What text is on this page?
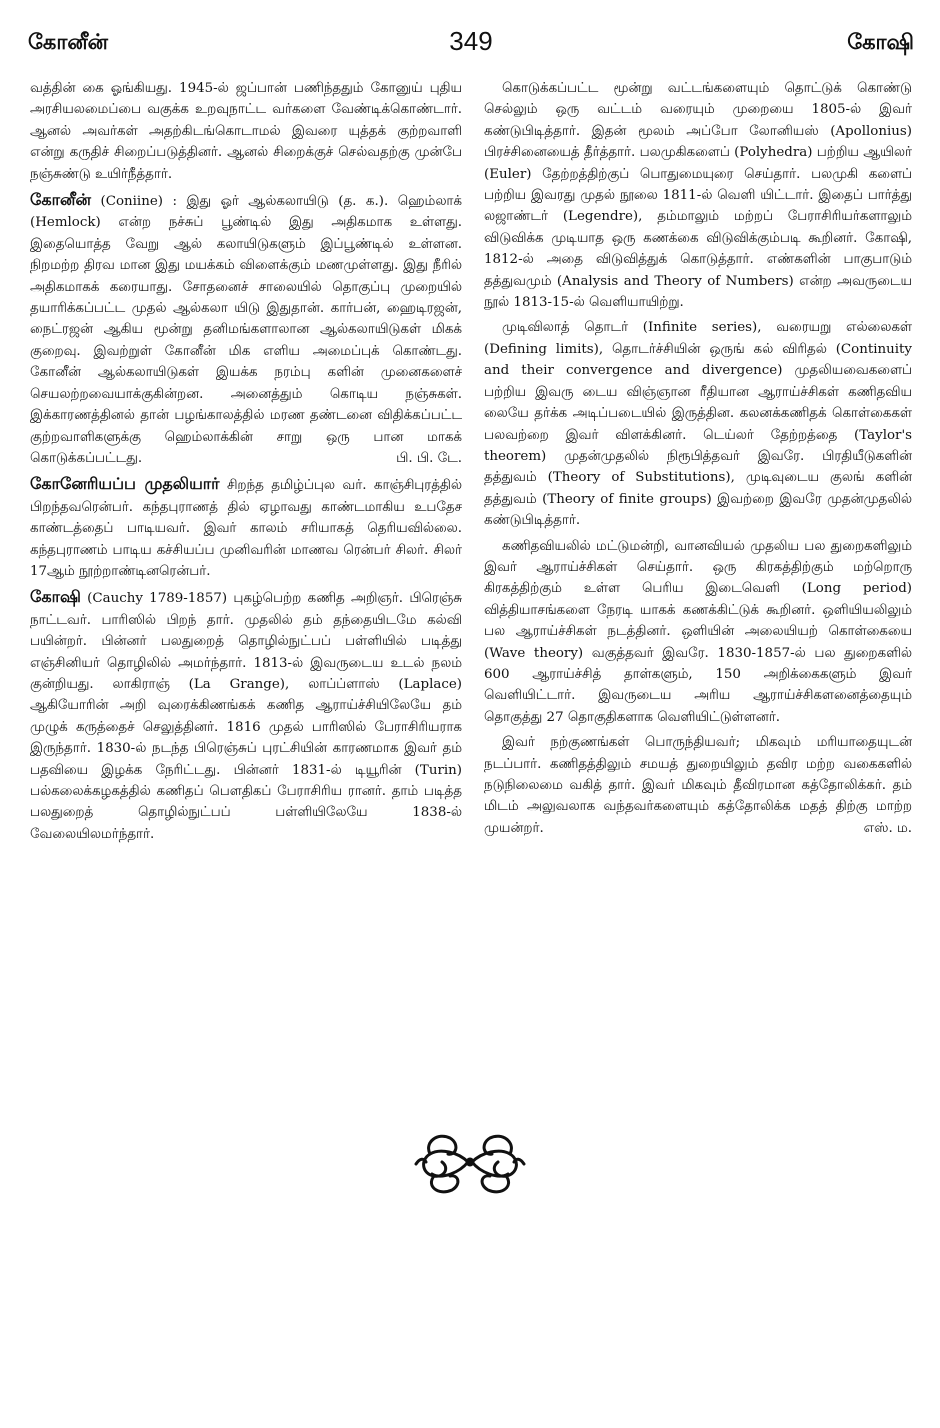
கோனீன்	349	கோஷி

வத்தின் கை ஓங்கியது. 1945-ல் ஜப்பான் பணிந்ததும் கோனுய் புதிய அரசியலமைப்பை வகுக்க உறவுநாட்ட வர்களை வேண்டிக்கொண்டார். ஆனல் அவர்கள் அதற்கிடங்கொடாமல் இவரை யுத்தக் குற்றவாளி என்று கருதிச் சிறைப்படுத்தினர். ஆனல் சிறைக்குச் செல்வதற்கு முன்பே நஞ்சுண்டு உயிர்நீத்தார்.

கோனீன் (Coniine) : இது ஓர் ஆல்கலாயிடு (த. க.). ஹெம்லாக் (Hemlock) என்ற நச்சுப் பூண்டில் இது அதிகமாக உள்ளது. இதையொத்த வேறு ஆல் கலாயிடுகளும் இப்பூண்டில் உள்ளன. நிறமற்ற திரவ மான இது மயக்கம் விளைக்கும் மணமுள்ளது. இது நீரில் அதிகமாகக் கரையாது. சோதனைச் சாலையில் தொகுப்பு முறையில் தயாரிக்கப்பட்ட முதல் ஆல்கலா யிடு இதுதான். கார்பன், ஹைடிரஜன், நைட்ரஜன் ஆகிய மூன்று தனிமங்களாலான ஆல்கலாயிடுகள் மிகக் குறைவு. இவற்றுள் கோனீன் மிக எளிய அமைப்புக் கொண்டது. கோனீன் ஆல்கலாயிடுகள் இயக்க நரம்பு களின் முனைகளைச் செயலற்றவையாக்குகின்றன. அனைத்தும் கொடிய நஞ்சுகள். இக்காரணத்தினல் தான் பழங்காலத்தில் மரண தண்டனை விதிக்கப்பட்ட குற்றவாளிகளுக்கு ஹெம்லாக்கின் சாறு ஒரு பான மாகக் கொடுக்கப்பட்டது.	பி. பி. டே.

கோனேரியப்ப முதலியார் சிறந்த தமிழ்ப்புல வர். காஞ்சிபுரத்தில் பிறந்தவரென்பர். கந்தபுராணத் தில் ஏழாவது காண்டமாகிய உபதேச காண்டத்தைப் பாடியவர். இவர் காலம் சரியாகத் தெரியவில்லை. கந்தபுராணம் பாடிய கச்சியப்ப முனிவரின் மாணவ ரென்பர் சிலர். சிலர் 17ஆம் நூற்றாண்டினரென்பர்.

கோஷி (Cauchy 1789-1857) புகழ்பெற்ற கணித அறிஞர். பிரெஞ்சு நாட்டவர். பாரிஸில் பிறந் தார். முதலில் தம் தந்தையிடமே கல்வி பயின்றர். பின்னர் பலதுறைத் தொழில்நுட்பப் பள்ளியில் படித்து எஞ்சினியர் தொழிலில் அமர்ந்தார். 1813-ல் இவருடைய உடல் நலம் குன்றியது. லாகிராஞ் (La Grange), லாப்ப்ளாஸ் (Laplace) ஆகியோரின் அறி வுரைக்கிணங்கக் கணித ஆராய்ச்சியிலேயே தம் முழுக் கருத்தைச் செலுத்தினர். 1816 முதல் பாரிஸில் பேராசிரியராக இருந்தார். 1830-ல் நடந்த பிரெஞ்சுப் புரட்சியின் காரணமாக இவர் தம் பதவியை இழக்க நேரிட்டது. பின்னர் 1831-ல் டியூரின் (Turin) பல்கலைக்கழகத்தில் கணிதப் பௌதிகப் பேராசிரிய ரானர். தாம் படித்த பலதுறைத் தொழில்நுட்பப் பள்ளியிலேயே 1838-ல் வேலையிலமர்ந்தார்.

கொடுக்கப்பட்ட மூன்று வட்டங்களையும் தொட்டுக் கொண்டு செல்லும் ஒரு வட்டம் வரையும் முறையை 1805-ல் இவர் கண்டுபிடித்தார். இதன் மூலம் அப்போ லோனியஸ் (Apollonius) பிரச்சினையைத் தீர்த்தார். பலமுகிகளைப் (Polyhedra) பற்றிய ஆயிலர் (Euler) தேற்றத்திற்குப் பொதுமையுரை செய்தார். பலமுகி களைப் பற்றிய இவரது முதல் நூலை 1811-ல் வெளி யிட்டார். இதைப் பார்த்து லஜாண்டர் (Legendre), தம்மாலும் மற்றப் பேராசிரியர்களாலும் விடுவிக்க முடியாத ஒரு கணக்கை விடுவிக்கும்படி கூறினர். கோஷி, 1812-ல் அதை விடுவித்துக் கொடுத்தார். எண்களின் பாகுபாடும் தத்துவமும் (Analysis and Theory of Numbers) என்ற அவருடைய நூல் 1813-15-ல் வெளியாயிற்று.

முடிவிலாத் தொடர் (Infinite series), வரையறு எல்லைகள் (Defining limits), தொடர்ச்சியின் ஒருங் கல் விரிதல் (Continuity and their convergence and divergence) முதலியவைகளைப் பற்றிய இவரு டைய விஞ்ஞான ரீதியான ஆராய்ச்சிகள் கணிதவிய லையே தர்க்க அடிப்படையில் இருத்தின. கலனக்கணிதக் கொள்கைகள் பலவற்றை இவர் விளக்கினர். டெய்லர் தேற்றத்தை (Taylor's theorem) முதன்முதலில் நிரூபித்தவர் இவரே. பிரதியீடுகளின் தத்துவம் (Theory of Substitutions), முடிவுடைய குலங் களின் தத்துவம் (Theory of finite groups) இவற்றை இவரே முதன்முதலில் கண்டுபிடித்தார்.

கணிதவியலில் மட்டுமன்றி, வானவியல் முதலிய பல துறைகளிலும் இவர் ஆராய்ச்சிகள் செய்தார். ஒரு கிரகத்திற்கும் மற்றொரு கிரகத்திற்கும் உள்ள பெரிய இடைவெளி (Long period) வித்தியாசங்களை நேரடி யாகக் கணக்கிட்டுக் கூறினர். ஒளியியலிலும் பல ஆராய்ச்சிகள் நடத்தினர். ஒளியின் அலையியற் கொள்கையை (Wave theory) வகுத்தவர் இவரே. 1830-1857-ல் பல துறைகளில் 600 ஆராய்ச்சித் தாள்களும், 150 அறிக்கைகளும் இவர் வெளியிட்டார். இவருடைய அரிய ஆராய்ச்சிகளனைத்தையும் தொகுத்து 27 தொகுதிகளாக வெளியிட்டுள்ளனர்.

இவர் நற்குணங்கள் பொருந்தியவர்; மிகவும் மரியாதையுடன் நடப்பார். கணிதத்திலும் சமயத் துறையிலும் தவிர மற்ற வகைகளில் நடுநிலைமை வகித் தார். இவர் மிகவும் தீவிரமான கத்தோலிக்கர். தம் மிடம் அலுவலாக வந்தவர்களையும் கத்தோலிக்க மதத் திற்கு மாற்ற முயன்றர்.	எஸ். ம.
